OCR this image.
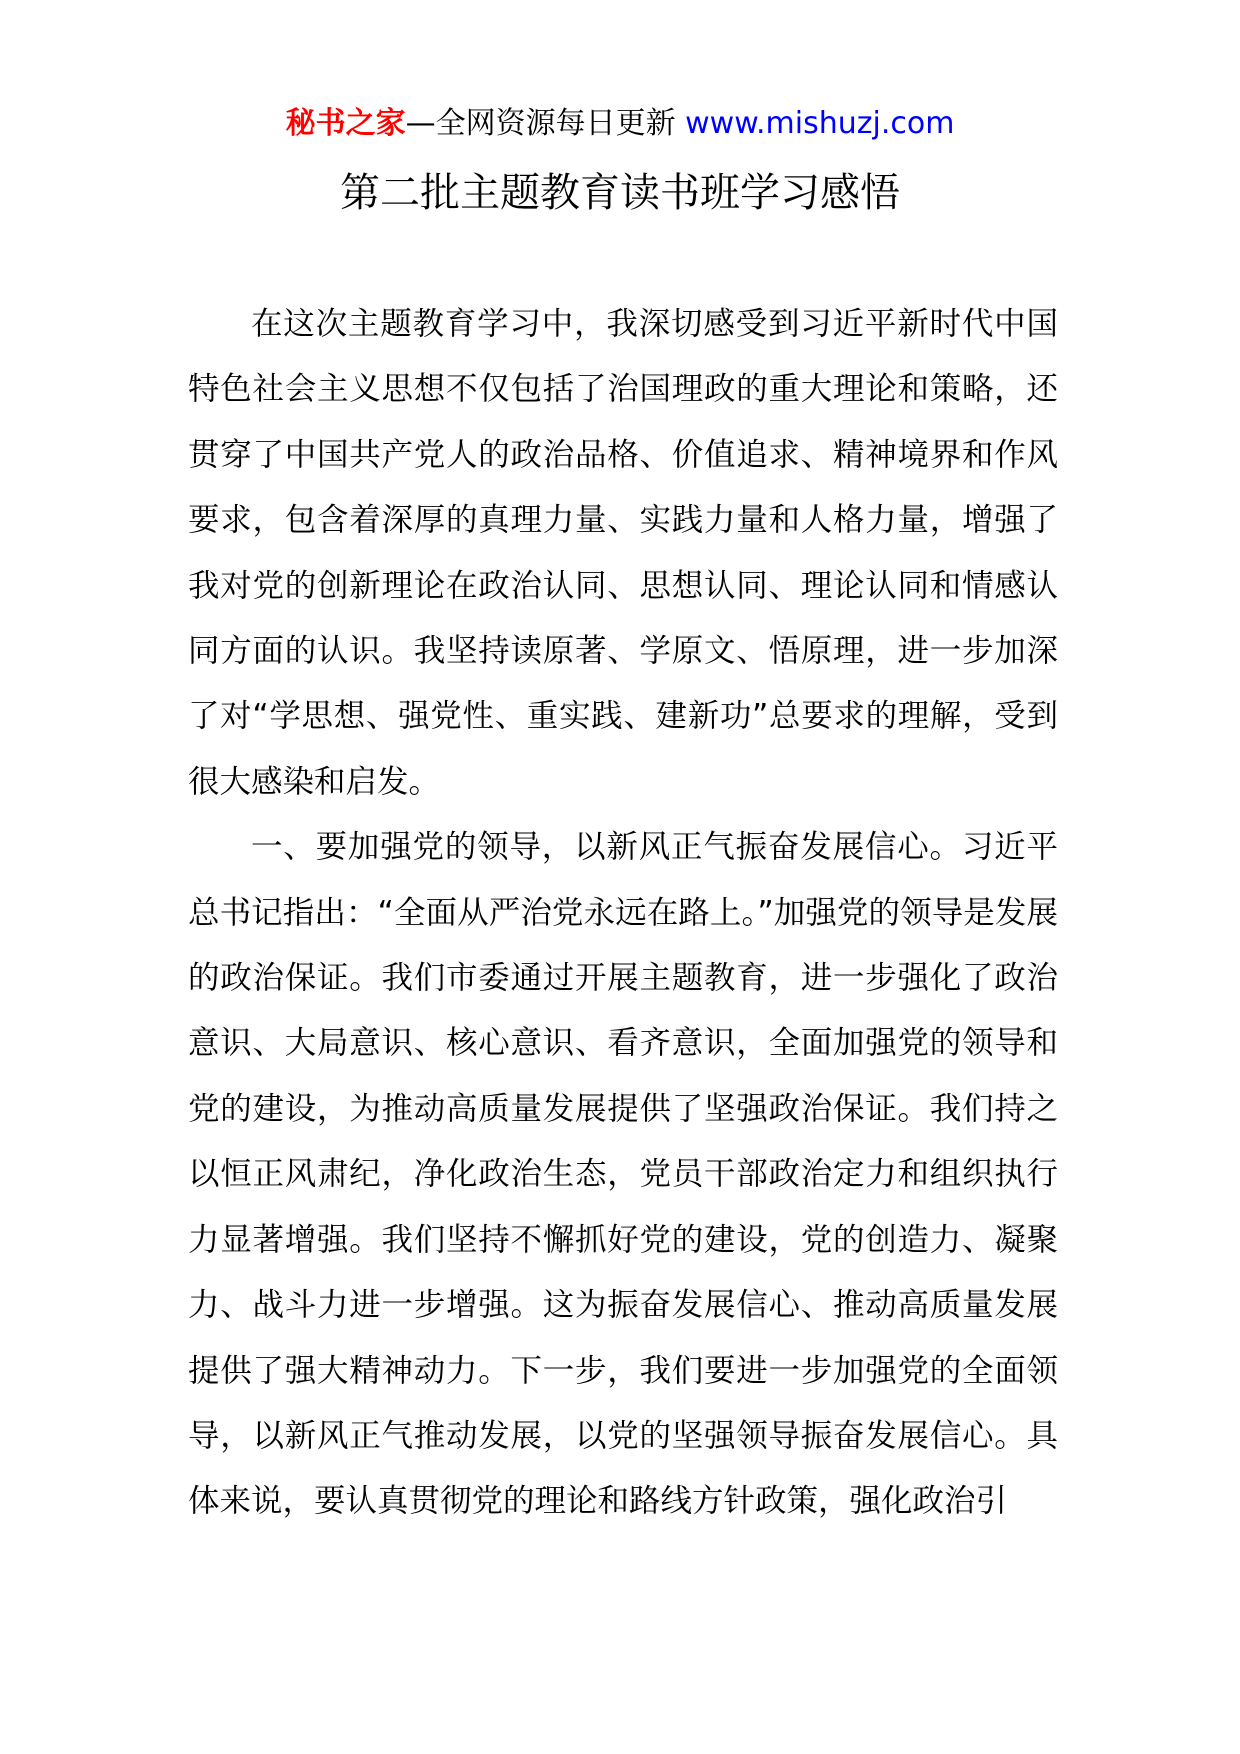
秘书之家—全网资源每日更新 www.mishuzj.com
第二批主题教育读书班学习感悟

在这次主题教育学习中，我深切感受到习近平新时代中国特色社会主义思想不仅包括了治国理政的重大理论和策略，还贯穿了中国共产党人的政治品格、价值追求、精神境界和作风要求，包含着深厚的真理力量、实践力量和人格力量，增强了我对党的创新理论在政治认同、思想认同、理论认同和情感认同方面的认识。我坚持读原著、学原文、悟原理，进一步加深了对“学思想、强党性、重实践、建新功”总要求的理解，受到很大感染和启发。

一、要加强党的领导，以新风正气振奋发展信心。习近平总书记指出：“全面从严治党永远在路上。”加强党的领导是发展的政治保证。我们市委通过开展主题教育，进一步强化了政治意识、大局意识、核心意识、看齐意识，全面加强党的领导和党的建设，为推动高质量发展提供了坚强政治保证。我们持之以恒正风肃纪，净化政治生态，党员干部政治定力和组织执行力显著增强。我们坚持不懈抓好党的建设，党的创造力、凝聚力、战斗力进一步增强。这为振奋发展信心、推动高质量发展提供了强大精神动力。下一步，我们要进一步加强党的全面领导，以新风正气推动发展，以党的坚强领导振奋发展信心。具体来说，要认真贯彻党的理论和路线方针政策，强化政治引
